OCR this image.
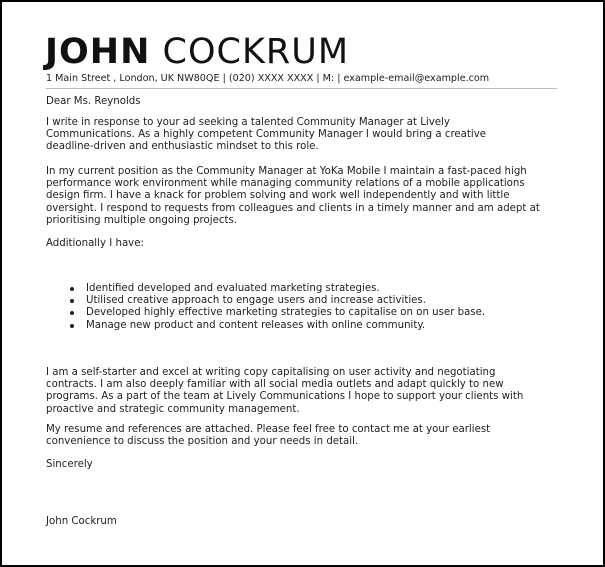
JOHN COCKRUM
1 Main Street , London, UK NW80QE | (020) XXXX XXXX | M: | example-email@example.com

Dear Ms. Reynolds

I write in response to your ad seeking a talented Community Manager at Lively
Communications. As a highly competent Community Manager I would bring a creative
deadline-driven and enthusiastic mindset to this role.
In my current position as the Community Manager at YoKa Mobile I maintain a fast-paced high
performance work environment while managing community relations of a mobile applications
design firm. I have a knack for problem solving and work well independently and with little
oversight. I respond to requests from colleagues and clients in a timely manner and am adept at
prioritising multiple ongoing projects.

Additionally I have:

Identified developed and evaluated marketing strategies.
Utilised creative approach to engage users and increase activities.
Developed highly effective marketing strategies to capitalise on on user base.
Manage new product and content releases with online community.
I am a self-starter and excel at writing copy capitalising on user activity and negotiating
contracts. I am also deeply familiar with all social media outlets and adapt quickly to new
programs. As a part of the team at Lively Communications I hope to support your clients with
proactive and strategic community management.
My resume and references are attached. Please feel free to contact me at your earliest
convenience to discuss the position and your needs in detail.

Sincerely

John Cockrum
